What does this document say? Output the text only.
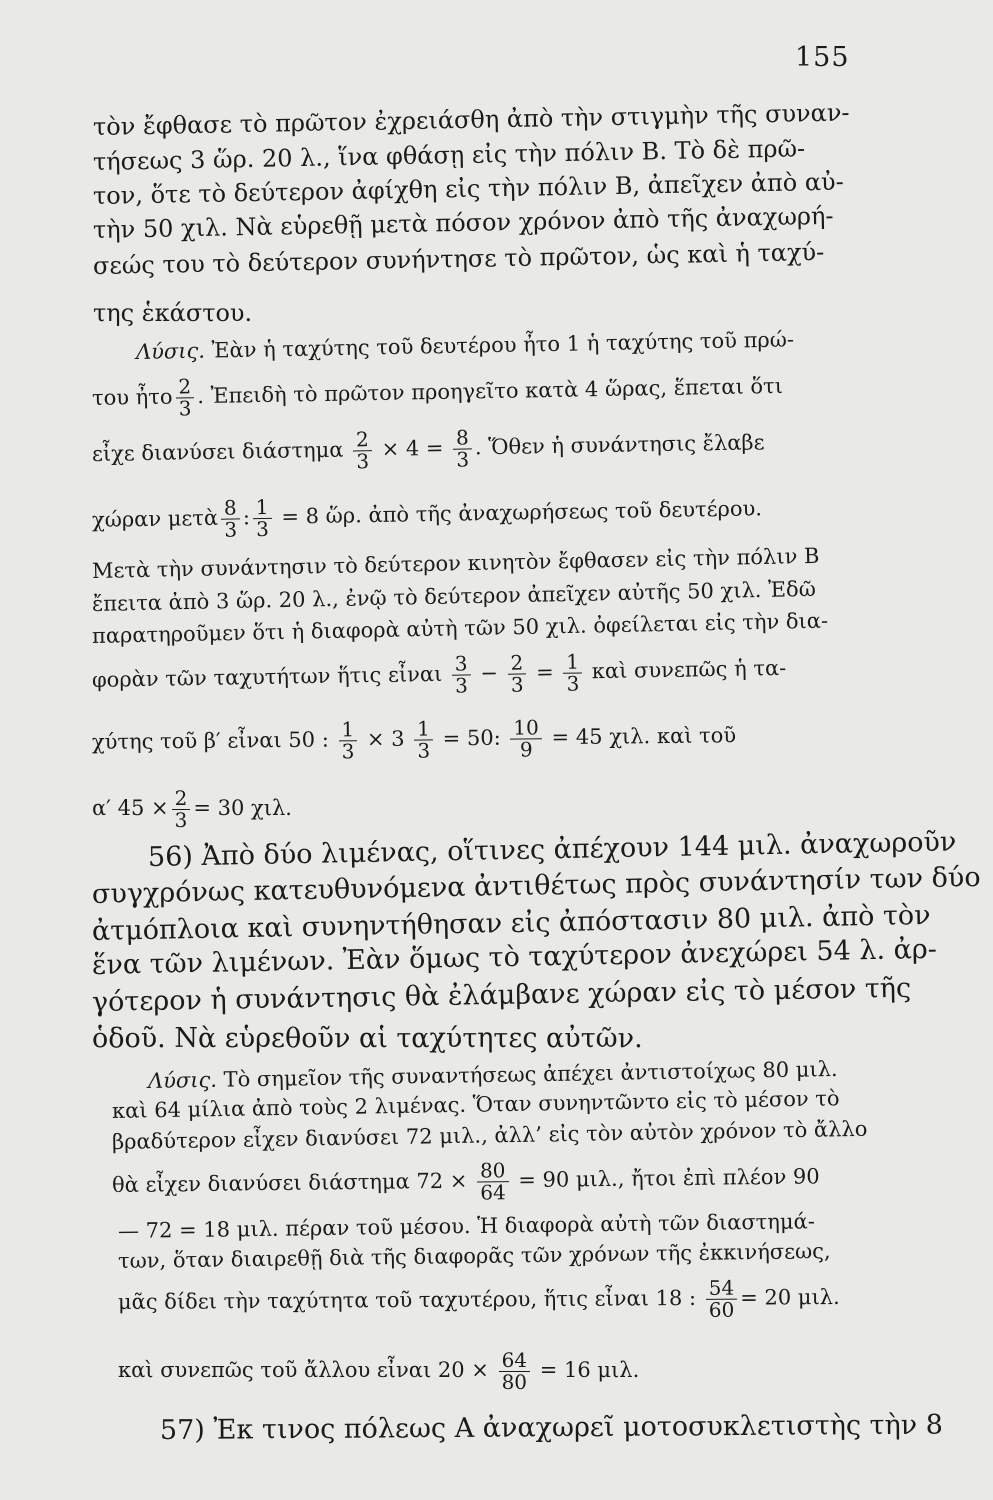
155
τὸν ἔφθασε τὸ πρῶτον ἐχρειάσθη ἀπὸ τὴν στιγμὴν τῆς συναν-
τήσεως 3 ὥρ. 20 λ., ἵνα φθάσῃ εἰς τὴν πόλιν Β. Τὸ δὲ πρῶ-
τον, ὅτε τὸ δεύτερον ἀφίχθη εἰς τὴν πόλιν Β, ἀπεῖχεν ἀπὸ αὐ-
τὴν 50 χιλ. Νὰ εὑρεθῇ μετὰ πόσον χρόνον ἀπὸ τῆς ἀναχωρή-
σεώς του τὸ δεύτερον συνήντησε τὸ πρῶτον, ὡς καὶ ἡ ταχύ-
της ἑκάστου.
Λύσις. Ἐὰν ἡ ταχύτης τοῦ δευτέρου ἦτο 1 ἡ ταχύτης τοῦ πρώ-
του ἦτο $\frac{2}{3}$ . Ἐπειδὴ τὸ πρῶτον προηγεῖτο κατὰ 4 ὥρας, ἕπεται ὅτι
εἶχε διανύσει διάστημα $\frac{2}{3} \times 4 = \frac{8}{3}$ . Ὅθεν ἡ συνάντησις ἔλαβε
χώραν μετὰ $\frac{8}{3}$ : $\frac{1}{3} = 8$ ὥρ. ἀπὸ τῆς ἀναχωρήσεως τοῦ δευτέρου.
Μετὰ τὴν συνάντησιν τὸ δεύτερον κινητὸν ἔφθασεν εἰς τὴν πόλιν Β
ἔπειτα ἀπὸ 3 ὥρ. 20 λ., ἐνῷ τὸ δεύτερον ἀπεῖχεν αὐτῆς 50 χιλ. Ἐδῶ
παρατηροῦμεν ὅτι ἡ διαφορὰ αὐτὴ τῶν 50 χιλ. ὀφείλεται εἰς τὴν δια-
φορὰν τῶν ταχυτήτων ἥτις εἶναι $\frac{3}{3} - \frac{2}{3} = \frac{1}{3}$ καὶ συνεπῶς ἡ τα-
χύτης τοῦ β′ εἶναι 50 : $\frac{1}{3} \times 3 \frac{1}{3} = 50$: $\frac{10}{9} = 45$ χιλ. καὶ τοῦ
α′ $45 \times \frac{2}{3} = 30$ χιλ.
56) Ἀπὸ δύο λιμένας, οἵτινες ἀπέχουν 144 μιλ. ἀναχωροῦν
συγχρόνως κατευθυνόμενα ἀντιθέτως πρὸς συνάντησίν των δύο
ἀτμόπλοια καὶ συνηντήθησαν εἰς ἀπόστασιν 80 μιλ. ἀπὸ τὸν
ἕνα τῶν λιμένων. Ἐὰν ὅμως τὸ ταχύτερον ἀνεχώρει 54 λ. ἀρ-
γότερον ἡ συνάντησις θὰ ἐλάμβανε χώραν εἰς τὸ μέσον τῆς
ὁδοῦ. Νὰ εὑρεθοῦν αἱ ταχύτητες αὐτῶν.
Λύσις. Τὸ σημεῖον τῆς συναντήσεως ἀπέχει ἀντιστοίχως 80 μιλ.
καὶ 64 μίλια ἀπὸ τοὺς 2 λιμένας. Ὅταν συνηντῶντο εἰς τὸ μέσον τὸ
βραδύτερον εἶχεν διανύσει 72 μιλ., ἀλλ’ εἰς τὸν αὐτὸν χρόνον τὸ ἄλλο
θὰ εἶχεν διανύσει διάστημα $72 \times \frac{80}{64} = 90$ μιλ., ἤτοι ἐπὶ πλέον 90
— 72 = 18 μιλ. πέραν τοῦ μέσου. Ἡ διαφορὰ αὐτὴ τῶν διαστημά-
των, ὅταν διαιρεθῇ διὰ τῆς διαφορᾶς τῶν χρόνων τῆς ἐκκινήσεως,
μᾶς δίδει τὴν ταχύτητα τοῦ ταχυτέρου, ἥτις εἶναι 18 : $\frac{54}{60} = 20$ μιλ.
καὶ συνεπῶς τοῦ ἄλλου εἶναι $20 \times \frac{64}{80} = 16$ μιλ.
57) Ἐκ τινος πόλεως Α ἀναχωρεῖ μοτοσυκλετιστὴς τὴν 8
